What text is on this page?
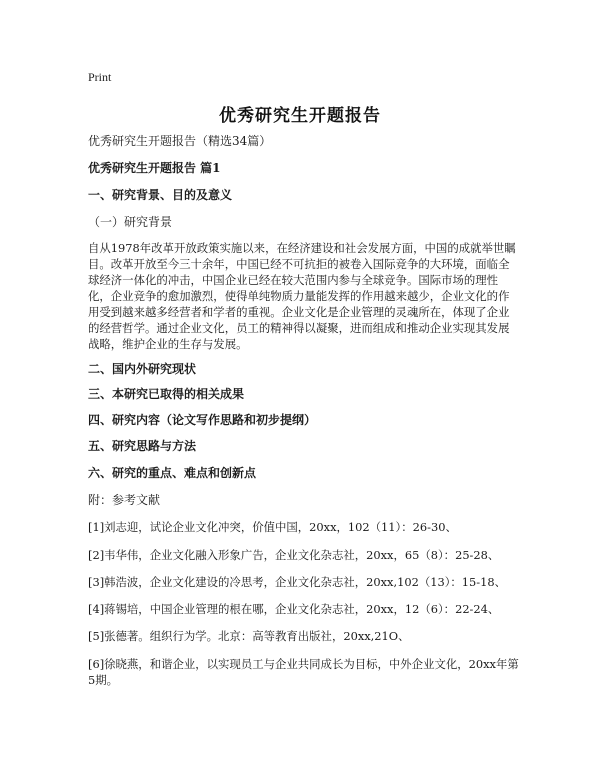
Print
优秀研究生开题报告
优秀研究生开题报告（精选34篇）
优秀研究生开题报告 篇1
一、研究背景、目的及意义
（一）研究背景
自从1978年改革开放政策实施以来，在经济建设和社会发展方面，中国的成就举世瞩目。改革开放至今三十余年，中国已经不可抗拒的被卷入国际竞争的大环境，面临全球经济一体化的冲击，中国企业已经在较大范围内参与全球竞争。国际市场的理性化，企业竞争的愈加激烈，使得单纯物质力量能发挥的作用越来越少，企业文化的作用受到越来越多经营者和学者的重视。企业文化是企业管理的灵魂所在，体现了企业的经营哲学。通过企业文化，员工的精神得以凝聚，进而组成和推动企业实现其发展战略，维护企业的生存与发展。
二、国内外研究现状
三、本研究已取得的相关成果
四、研究内容（论文写作思路和初步提纲）
五、研究思路与方法
六、研究的重点、难点和创新点
附：参考文献
[1]刘志迎，试论企业文化冲突，价值中国，20xx，102（11）：26-30、
[2]韦华伟，企业文化融入形象广告，企业文化杂志社，20xx，65（8）：25-28、
[3]韩浩波，企业文化建设的冷思考，企业文化杂志社，20xx,102（13）：15-18、
[4]蒋锡培，中国企业管理的根在哪，企业文化杂志社，20xx，12（6）：22-24、
[5]张德著。组织行为学。北京：高等教育出版社，20xx,21O、
[6]徐晓燕，和谐企业，以实现员工与企业共同成长为目标，中外企业文化，20xx年第5期。
